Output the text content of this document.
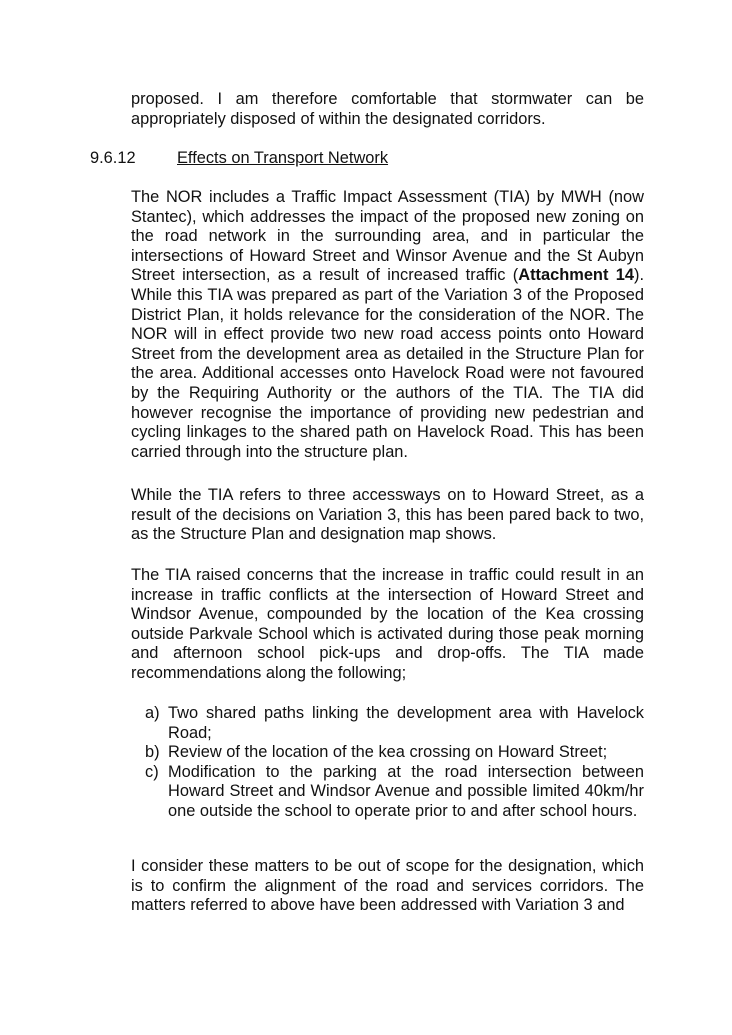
proposed. I am therefore comfortable that stormwater can be appropriately disposed of within the designated corridors.

9.6.12	Effects on Transport Network

The NOR includes a Traffic Impact Assessment (TIA) by MWH (now Stantec), which addresses the impact of the proposed new zoning on the road network in the surrounding area, and in particular the intersections of Howard Street and Winsor Avenue and the St Aubyn Street intersection, as a result of increased traffic (Attachment 14). While this TIA was prepared as part of the Variation 3 of the Proposed District Plan, it holds relevance for the consideration of the NOR. The NOR will in effect provide two new road access points onto Howard Street from the development area as detailed in the Structure Plan for the area. Additional accesses onto Havelock Road were not favoured by the Requiring Authority or the authors of the TIA. The TIA did however recognise the importance of providing new pedestrian and cycling linkages to the shared path on Havelock Road. This has been carried through into the structure plan.

While the TIA refers to three accessways on to Howard Street, as a result of the decisions on Variation 3, this has been pared back to two, as the Structure Plan and designation map shows.

The TIA raised concerns that the increase in traffic could result in an increase in traffic conflicts at the intersection of Howard Street and Windsor Avenue, compounded by the location of the Kea crossing outside Parkvale School which is activated during those peak morning and afternoon school pick-ups and drop-offs. The TIA made recommendations along the following;

a) Two shared paths linking the development area with Havelock Road;
b) Review of the location of the kea crossing on Howard Street;
c) Modification to the parking at the road intersection between Howard Street and Windsor Avenue and possible limited 40km/hr one outside the school to operate prior to and after school hours.

I consider these matters to be out of scope for the designation, which is to confirm the alignment of the road and services corridors. The matters referred to above have been addressed with Variation 3 and
